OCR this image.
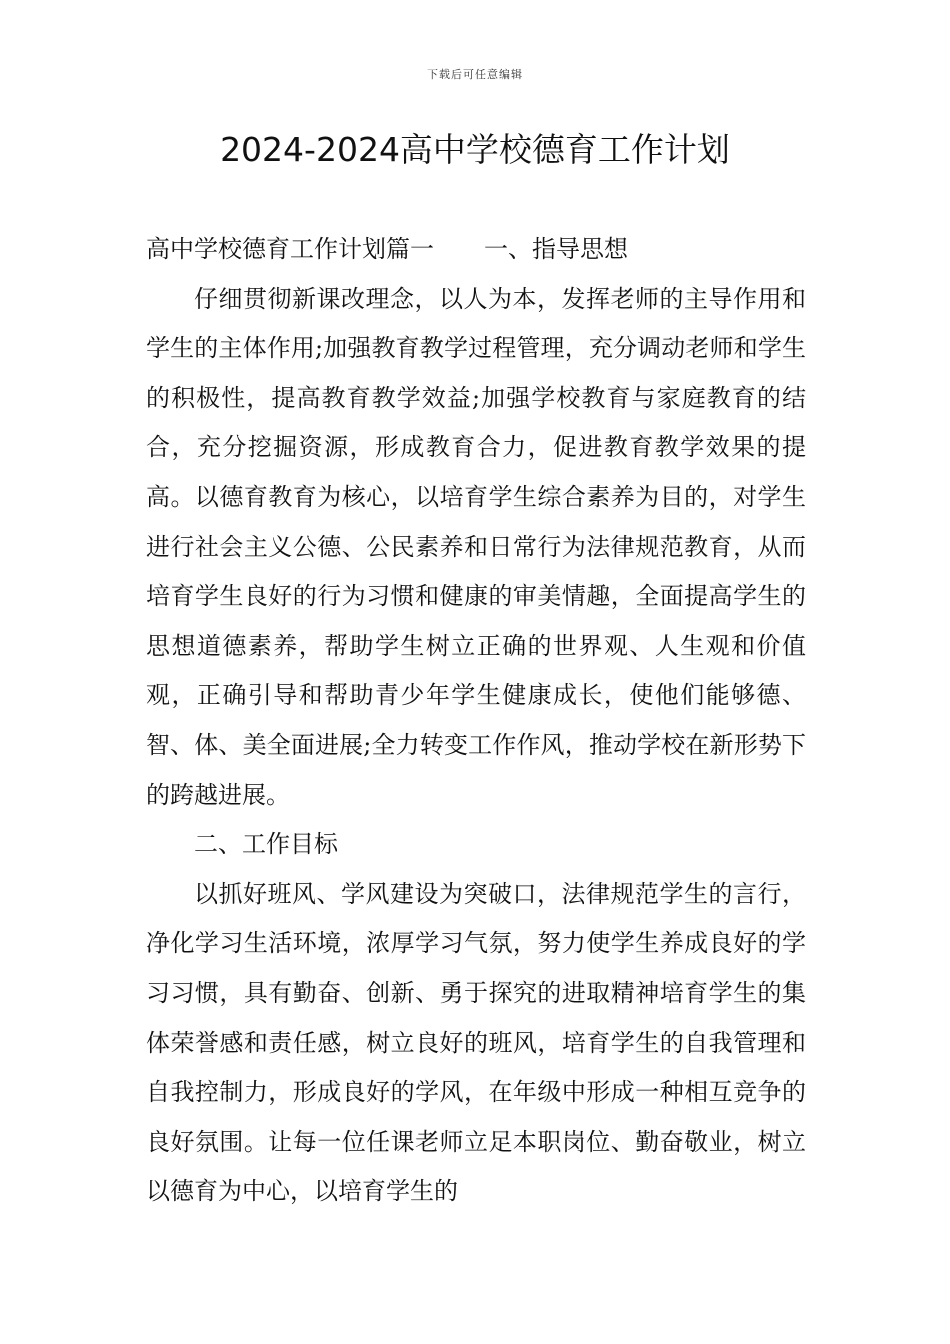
下载后可任意编辑
2024-2024高中学校德育工作计划

高中学校德育工作计划篇一 一、指导思想

仔细贯彻新课改理念，以人为本，发挥老师的主导作用和学生的主体作用;加强教育教学过程管理，充分调动老师和学生的积极性，提高教育教学效益;加强学校教育与家庭教育的结合，充分挖掘资源，形成教育合力，促进教育教学效果的提高。以德育教育为核心，以培育学生综合素养为目的，对学生进行社会主义公德、公民素养和日常行为法律规范教育，从而培育学生良好的行为习惯和健康的审美情趣，全面提高学生的思想道德素养，帮助学生树立正确的世界观、人生观和价值观，正确引导和帮助青少年学生健康成长，使他们能够德、智、体、美全面进展;全力转变工作作风，推动学校在新形势下的跨越进展。

二、工作目标

以抓好班风、学风建设为突破口，法律规范学生的言行，净化学习生活环境，浓厚学习气氛，努力使学生养成良好的学习习惯，具有勤奋、创新、勇于探究的进取精神培育学生的集体荣誉感和责任感，树立良好的班风，培育学生的自我管理和自我控制力，形成良好的学风，在年级中形成一种相互竞争的良好氛围。让每一位任课老师立足本职岗位、勤奋敬业，树立以德育为中心，以培育学生的
